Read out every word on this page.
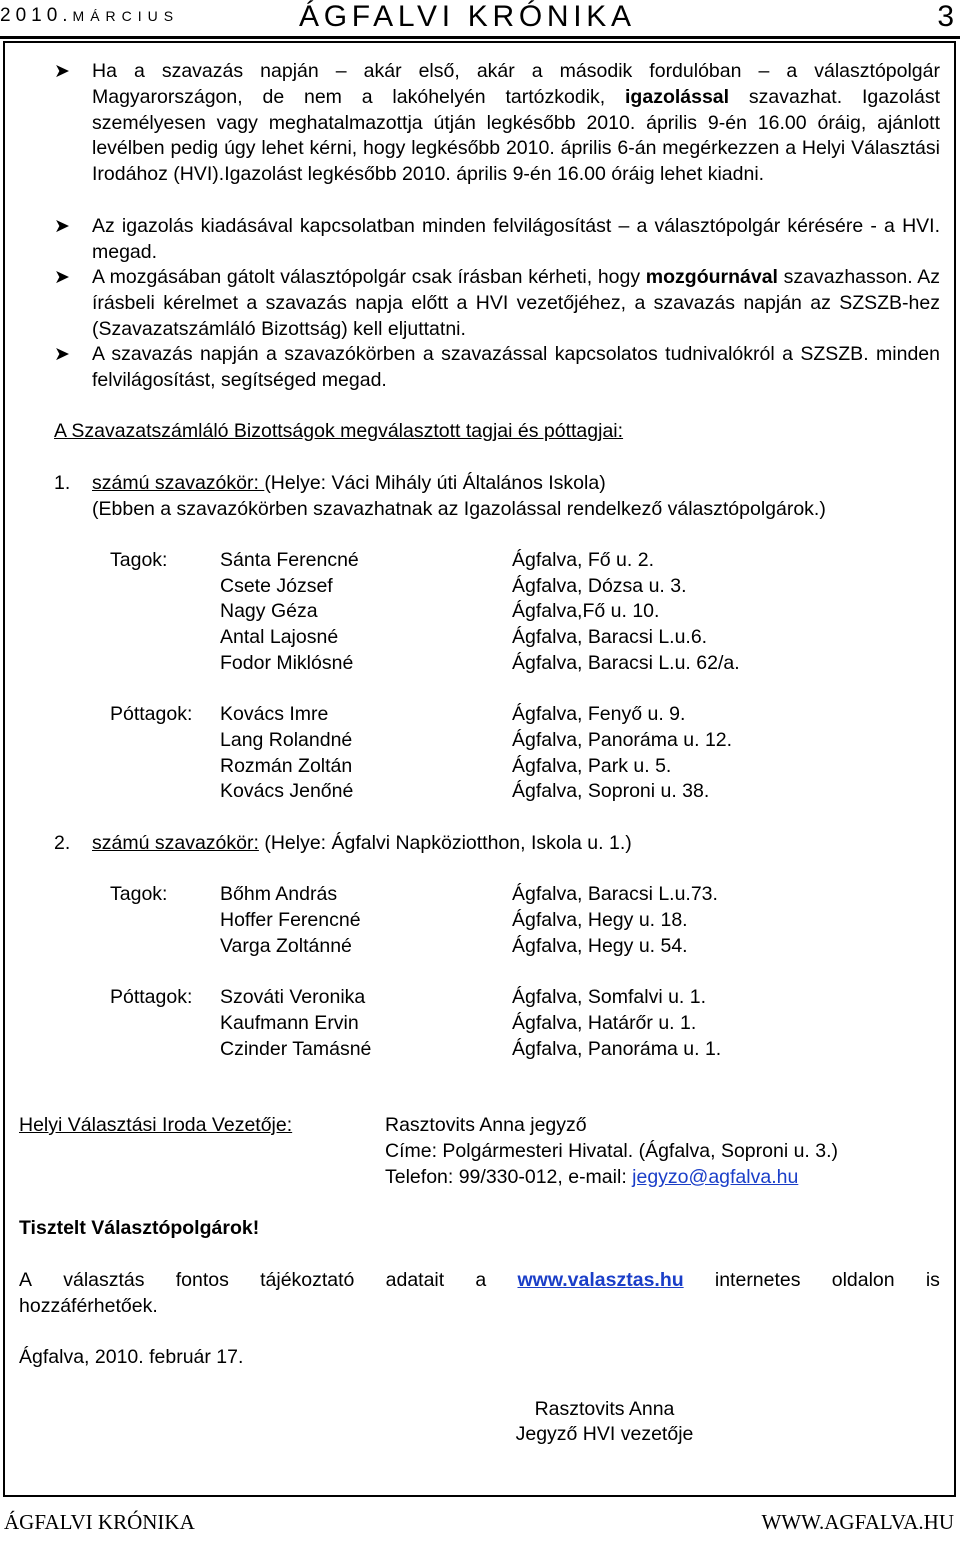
2010.MÁRCIUS	ÁGFALVI KRÓNIKA	3
➤ Ha a szavazás napján – akár első, akár a második fordulóban – a választópolgár Magyarországon, de nem a lakóhelyén tartózkodik, igazolással szavazhat. Igazolást személyesen vagy meghatalmazottja útján legkésőbb 2010. április 9-én 16.00 óráig, ajánlott levélben pedig úgy lehet kérni, hogy legkésőbb 2010. április 6-án megérkezzen a Helyi Választási Irodához (HVI).Igazolást legkésőbb 2010. április 9-én 16.00 óráig lehet kiadni.
➤ Az igazolás kiadásával kapcsolatban minden felvilágosítást – a választópolgár kérésére - a HVI. megad.
➤ A mozgásában gátolt választópolgár csak írásban kérheti, hogy mozgóurnával szavazhasson. Az írásbeli kérelmet a szavazás napja előtt a HVI vezetőjéhez, a szavazás napján az SZSZB-hez (Szavazatszámláló Bizottság) kell eljuttatni.
➤ A szavazás napján a szavazókörben a szavazással kapcsolatos tudnivalókról a SZSZB. minden felvilágosítást, segítséged megad.
A Szavazatszámláló Bizottságok megválasztott tagjai és póttagjai:
1. számú szavazókör: (Helye: Váci Mihály úti Általános Iskola)
(Ebben a szavazókörben szavazhatnak az Igazolással rendelkező választópolgárok.)
Tagok:	Sánta Ferencné	Ágfalva, Fő u. 2.
Csete József	Ágfalva, Dózsa u. 3.
Nagy Géza	Ágfalva,Fő u. 10.
Antal Lajosné	Ágfalva, Baracsi L.u.6.
Fodor Miklósné	Ágfalva, Baracsi L.u. 62/a.
Póttagok: Kovács Imre	Ágfalva, Fenyő u. 9.
Lang Rolandné	Ágfalva, Panoráma u. 12.
Rozmán Zoltán	Ágfalva, Park u. 5.
Kovács Jenőné	Ágfalva, Soproni u. 38.
2. számú szavazókör: (Helye: Ágfalvi Napköziotthon, Iskola u. 1.)
Tagok:	Bőhm András	Ágfalva, Baracsi L.u.73.
Hoffer Ferencné	Ágfalva, Hegy u. 18.
Varga Zoltánné	Ágfalva, Hegy u. 54.
Póttagok: Szováti Veronika	Ágfalva, Somfalvi u. 1.
Kaufmann Ervin	Ágfalva, Határőr u. 1.
Czinder Tamásné	Ágfalva, Panoráma u. 1.
Helyi Választási Iroda Vezetője:	Rasztovits Anna jegyző
Címe: Polgármesteri Hivatal. (Ágfalva, Soproni u. 3.)
Telefon: 99/330-012, e-mail: jegyzo@agfalva.hu
Tisztelt Választópolgárok!
A választás fontos tájékoztató adatait a www.valasztas.hu internetes oldalon is
hozzáférhetőek.
Ágfalva, 2010. február 17.
Rasztovits Anna
Jegyző HVI vezetője
ÁGFALVI KRÓNIKA	WWW.AGFALVA.HU
